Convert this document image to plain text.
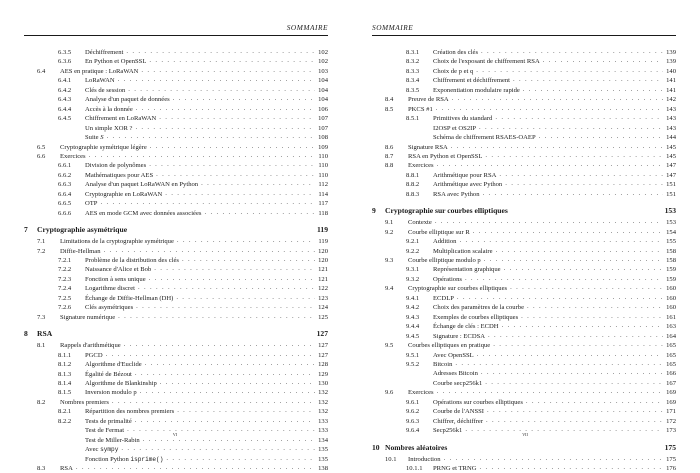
SOMMAIRE
6.3.5	Déchiffrement . . .	102
6.3.6	En Python et OpenSSL . . .	102
6.4	AES en pratique : LoRaWAN . . .	103
6.4.1	LoRaWAN . . .	104
6.4.2	Clés de session . . .	104
6.4.3	Analyse d'un paquet de données . . .	104
6.4.4	Accès à la donnée . . .	106
6.4.5	Chiffrement en LoRaWAN . . .	107
Un simple XOR ? . . .	107
Suite S . . .	108
6.5	Cryptographie symétrique légère . . .	109
6.6	Exercices . . .	110
6.6.1	Division de polynômes . . .	110
6.6.2	Mathématiques pour AES . . .	110
6.6.3	Analyse d'un paquet LoRaWAN en Python . . .	112
6.6.4	Cryptographie en LoRaWAN . . .	114
6.6.5	OTP . . .	117
6.6.6	AES en mode GCM avec données associées . . .	118
7	Cryptographie asymétrique	119
7.1	Limitations de la cryptographie symétrique . . .	119
7.2	Diffie-Hellman . . .	120
7.2.1	Problème de la distribution des clés . . .	120
7.2.2	Naissance d'Alice et Bob . . .	121
7.2.3	Fonction à sens unique . . .	121
7.2.4	Logarithme discret . . .	122
7.2.5	Échange de Diffie-Hellman (DH) . . .	123
7.2.6	Clés asymétriques . . .	124
7.3	Signature numérique . . .	125
8	RSA	127
8.1	Rappels d'arithmétique . . .	127
8.1.1	PGCD . . .	127
8.1.2	Algorithme d'Euclide . . .	128
8.1.3	Égalité de Bézout . . .	129
8.1.4	Algorithme de Blankinship . . .	130
8.1.5	Inversion modulo p . . .	132
8.2	Nombres premiers . . .	132
8.2.1	Répartition des nombres premiers . . .	132
8.2.2	Tests de primalité . . .	133
Test de Fermat . . .	133
Test de Miller-Rabin . . .	134
Avec sympy . . .	135
Fonction Python isprime() . . .	135
8.3	RSA . . .	138
vi
SOMMAIRE
8.3.1	Création des clés . . .	139
8.3.2	Choix de l'exposant de chiffrement RSA . . .	139
8.3.3	Choix de p et q . . .	140
8.3.4	Chiffrement et déchiffrement . . .	141
8.3.5	Exponentiation modulaire rapide . . .	141
8.4	Preuve de RSA . . .	142
8.5	PKCS #1 . . .	143
8.5.1	Primitives du standard . . .	143
I2OSP et OS2IP . . .	143
Schéma de chiffrement RSAES-OAEP . . .	144
8.6	Signature RSA . . .	145
8.7	RSA en Python et OpenSSL . . .	145
8.8	Exercices . . .	147
8.8.1	Arithmétique pour RSA . . .	147
8.8.2	Arithmétique avec Python . . .	151
8.8.3	RSA avec Python . . .	151
9	Cryptographie sur courbes elliptiques	153
9.1	Contexte . . .	153
9.2	Courbe elliptique sur R . . .	154
9.2.1	Addition . . .	155
9.2.2	Multiplication scalaire . . .	158
9.3	Courbe elliptique modulo p . . .	158
9.3.1	Représentation graphique . . .	159
9.3.2	Opérations . . .	159
9.4	Cryptographie sur courbes elliptiques . . .	160
9.4.1	ECDLP . . .	160
9.4.2	Choix des paramètres de la courbe . . .	160
9.4.3	Exemples de courbes elliptiques . . .	161
9.4.4	Échange de clés : ECDH . . .	163
9.4.5	Signature : ECDSA . . .	164
9.5	Courbes elliptiques en pratique . . .	165
9.5.1	Avec OpenSSL . . .	165
9.5.2	Bitcoin . . .	165
Adresses Bitcoin . . .	166
Courbe secp256k1 . . .	167
9.6	Exercices . . .	169
9.6.1	Opérations sur courbes elliptiques . . .	169
9.6.2	Courbe de l'ANSSI . . .	171
9.6.3	Chiffrer, déchiffrer . . .	172
9.6.4	Secp256k1 . . .	173
10 Nombres aléatoires	175
10.1	Introduction . . .	175
10.1.1	PRNG et TRNG . . .	176
vii
